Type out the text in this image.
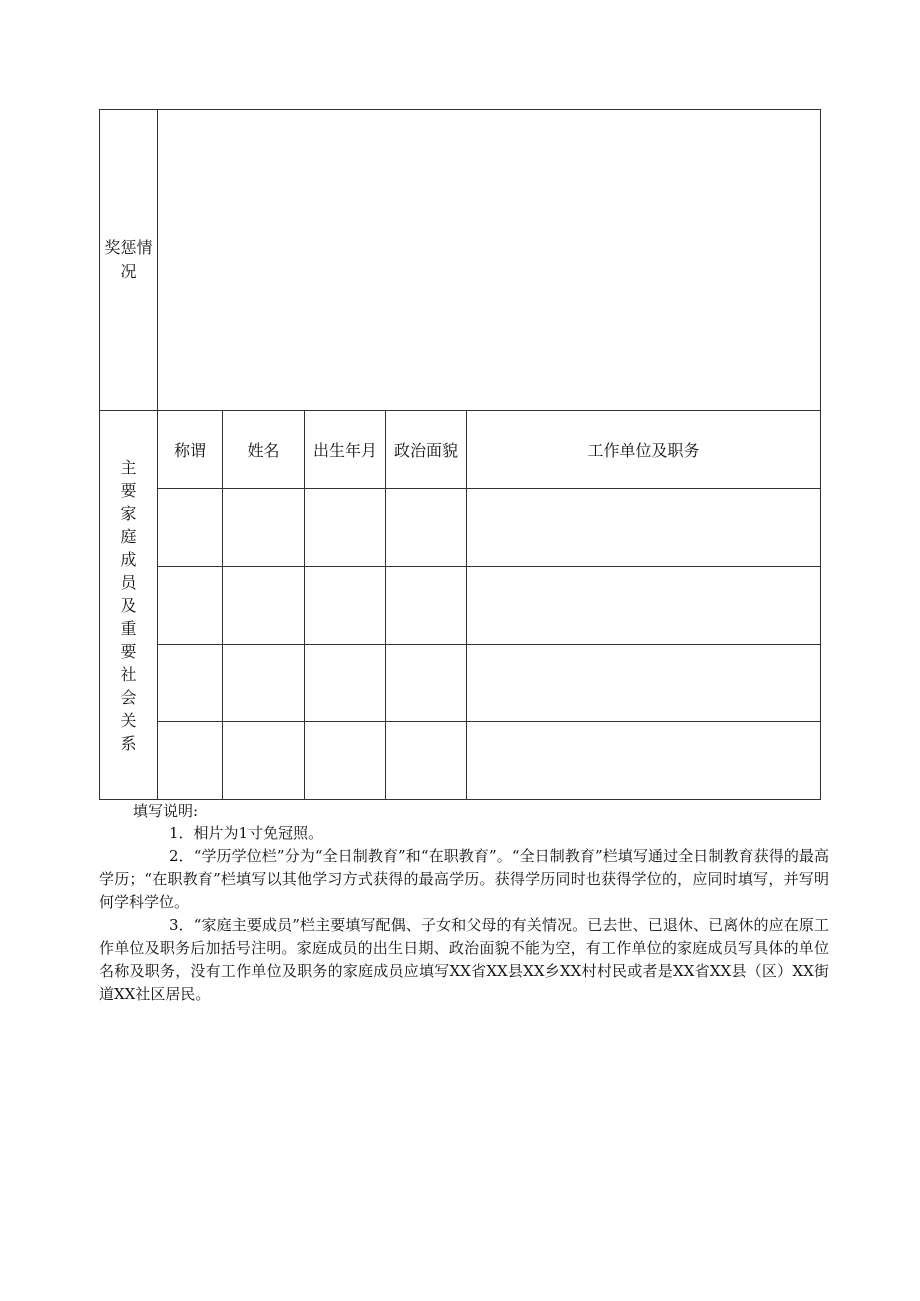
奖惩情
况					

主要家庭成员及重要社会关系	称谓	姓名	出生年月	政治面貌	工作单位及职务

填写说明:
1．相片为1寸免冠照。
2．“学历学位栏”分为“全日制教育”和“在职教育”。“全日制教育”栏填写通过全日制教育获得的最高学历；“在职教育”栏填写以其他学习方式获得的最高学历。获得学历同时也获得学位的，应同时填写，并写明何学科学位。
3．“家庭主要成员”栏主要填写配偶、子女和父母的有关情况。已去世、已退休、已离休的应在原工作单位及职务后加括号注明。家庭成员的出生日期、政治面貌不能为空，有工作单位的家庭成员写具体的单位名称及职务，没有工作单位及职务的家庭成员应填写XX省XX县XX乡XX村村民或者是XX省XX县（区）XX街道XX社区居民。
